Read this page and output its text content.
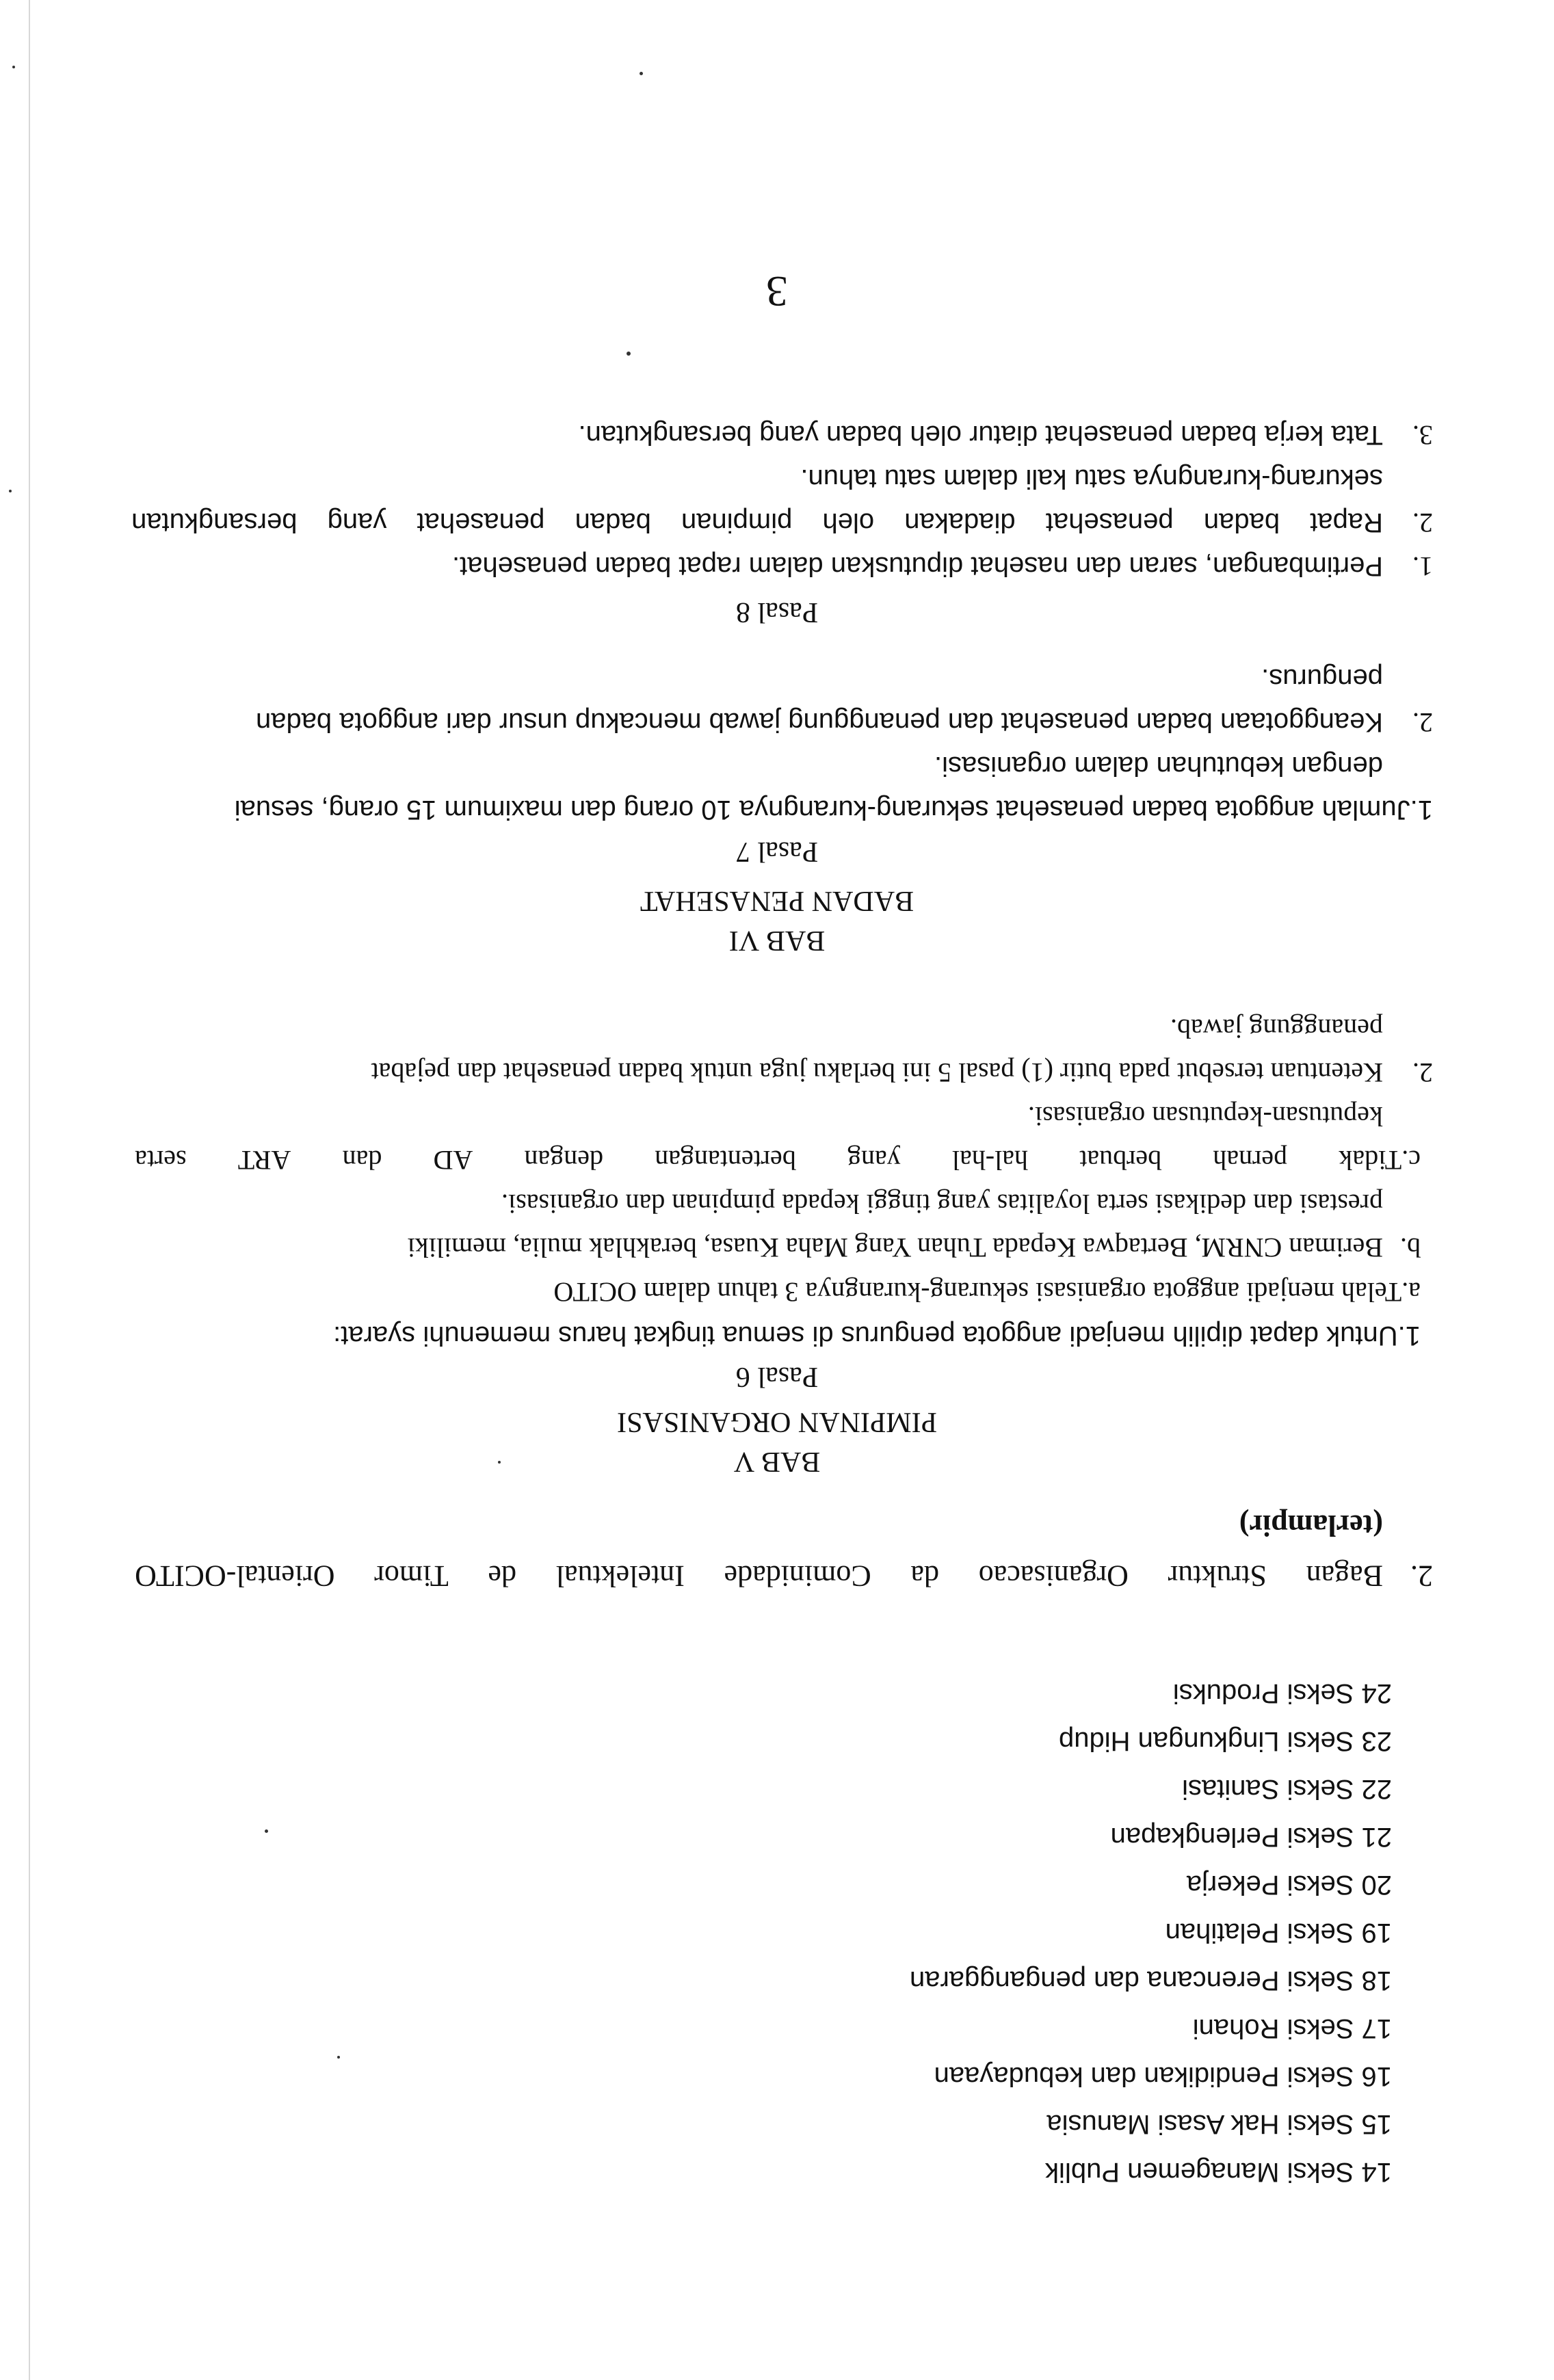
14 Seksi Managemen Publik
15 Seksi Hak Asasi Manusia
16 Seksi Pendidikan dan kebudayaan
17 Seksi Rohani
18 Seksi Perencana dan penganggaran
19 Seksi Pelatihan
20 Seksi Pekerja
21 Seksi Perlengkapan
22 Seksi Sanitasi
23 Seksi Lingkungan Hidup
24 Seksi Produksi
2.
Bagan
Struktur
Organisacao
da
Cominidade
Intelektual
de
Timor
Oriental-OCITO
(terlampir)
BAB V
PIMPINAN ORGANISASI
Pasal 6
1.Untuk dapat dipilih menjadi anggota pengurus di semua tingkat harus memenuhi syarat:
a.Telah menjadi anggota organisasi sekurang-kurangnya 3 tahun dalam OCITO
b.
Beriman CNRM, Bertaqwa Kepada Tuhan Yang Maha Kuasa, berakhlak mulia, memiliki
prestasi dan dedikasi serta loyalitas yang tinggi kepada pimpinan dan organisasi.
c.Tidak
pernah
berbuat
hal-hal
yang
bertentangan
dengan
AD
dan
ART
serta
keputusan-keputusan organisasi.
2.
Ketentuan tersebut pada butir (1) pasal 5 ini berlaku juga untuk badan penasehat dan pejabat
penanggung jawab.
BAB VI
BADAN PENASEHAT
Pasal 7
1.Jumlah anggota badan penasehat sekurang-kurangnya 10 orang dan maximum 15 orang, sesuai
dengan kebutuhan dalam organisasi.
2.
Keanggotaan badan penasehat dan penanggung jawab mencakup unsur dari anggota badan
pengurus.
Pasal 8
1.
Pertimbangan, saran dan nasehat diputuskan dalam rapat badan penasehat.
2.
Rapat
badan
penasehat
diadakan
oleh
pimpinan
badan
penasehat
yang
bersangkutan
sekurang-kurangnya satu kali dalam satu tahun.
3.
Tata kerja badan penasehat diatur oleh badan yang bersangkutan.
3
